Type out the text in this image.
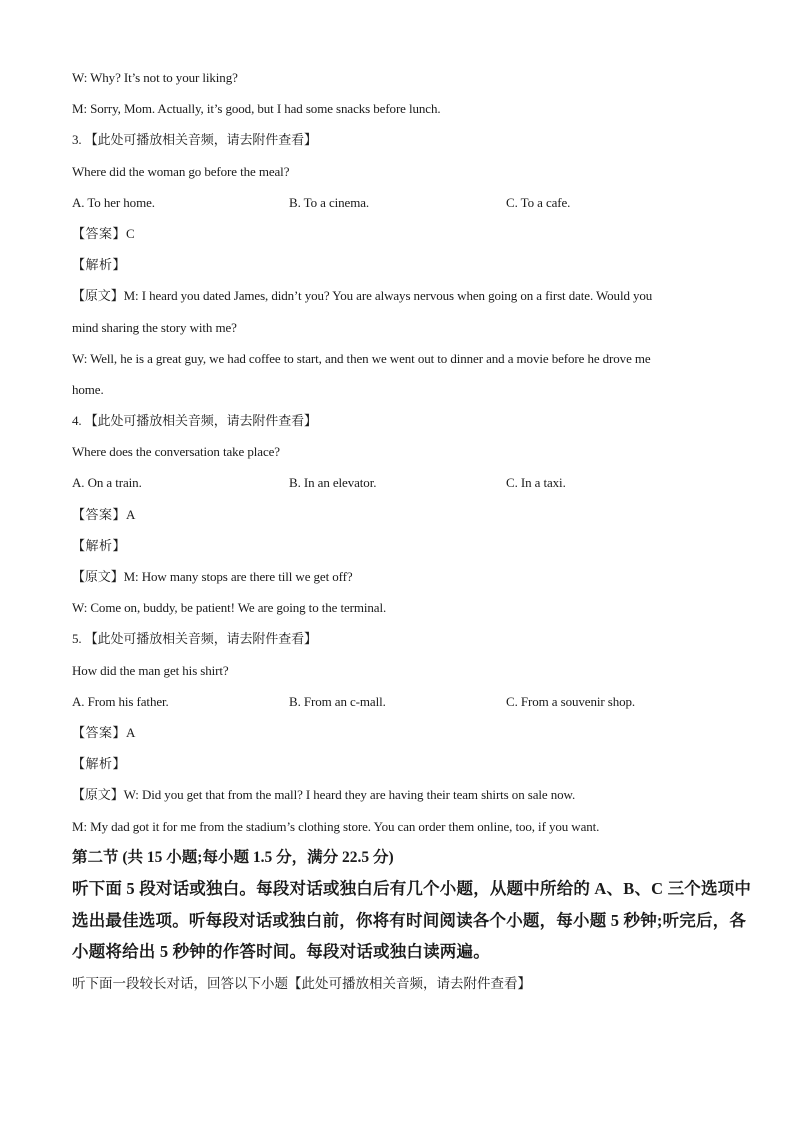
W: Why? It’s not to your liking?
M: Sorry, Mom. Actually, it’s good, but I had some snacks before lunch.
3. 【此处可播放相关音频，请去附件查看】
Where did the woman go before the meal?
A. To her home.	B. To a cinema.	C. To a cafe.
【答案】C
【解析】
【原文】M: I heard you dated James, didn’t you? You are always nervous when going on a first date. Would you
mind sharing the story with me?
W: Well, he is a great guy, we had coffee to start, and then we went out to dinner and a movie before he drove me
home.
4. 【此处可播放相关音频，请去附件查看】
Where does the conversation take place?
A. On a train.	B. In an elevator.	C. In a taxi.
【答案】A
【解析】
【原文】M: How many stops are there till we get off?
W: Come on, buddy, be patient! We are going to the terminal.
5. 【此处可播放相关音频，请去附件查看】
How did the man get his shirt?
A. From his father.	B. From an c-mall.	C. From a souvenir shop.
【答案】A
【解析】
【原文】W: Did you get that from the mall? I heard they are having their team shirts on sale now.
M: My dad got it for me from the stadium’s clothing store. You can order them online, too, if you want.
第二节 (共 15 小题;每小题 1.5 分，满分 22.5 分)
听下面 5 段对话或独白。每段对话或独白后有几个小题，从题中所给的 A、B、C 三个选项中
选出最佳选项。听每段对话或独白前，你将有时间阅读各个小题，每小题 5 秒钟;听完后，各
小题将给出 5 秒钟的作答时间。每段对话或独白读两遍。
听下面一段较长对话，回答以下小题【此处可播放相关音频，请去附件查看】
